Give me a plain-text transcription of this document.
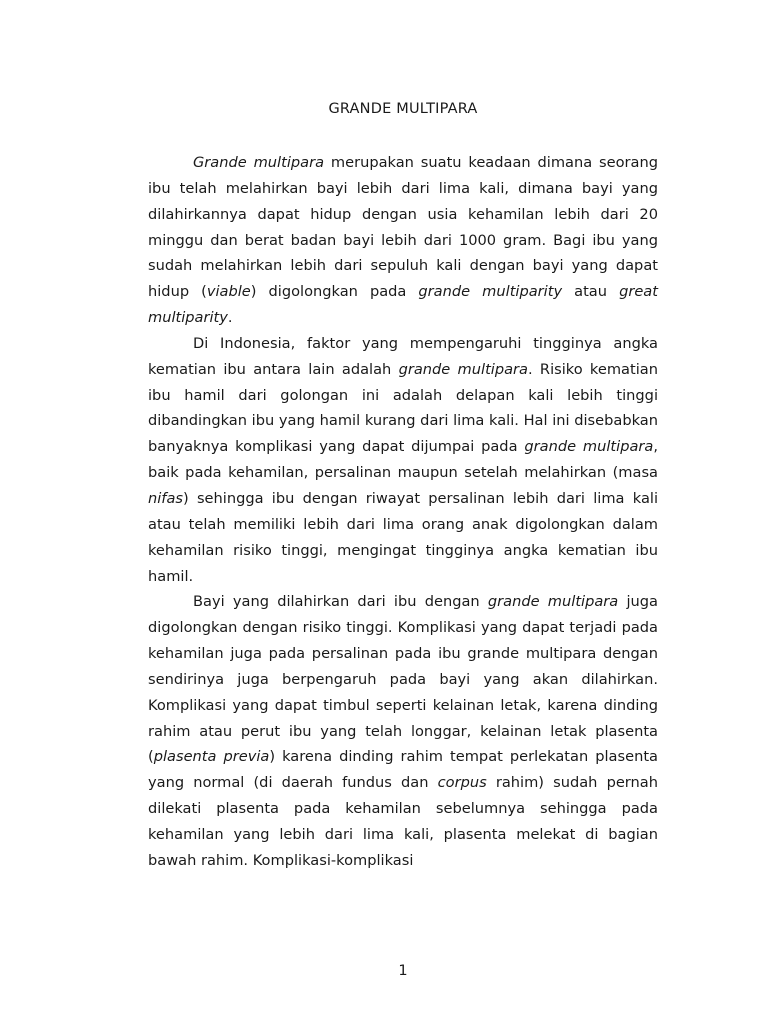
GRANDE MULTIPARA

Grande multipara merupakan suatu keadaan dimana seorang ibu telah melahirkan bayi lebih dari lima kali, dimana bayi yang dilahirkannya dapat hidup dengan usia kehamilan lebih dari 20 minggu dan berat badan bayi lebih dari 1000 gram. Bagi ibu yang sudah melahirkan lebih dari sepuluh kali dengan bayi yang dapat hidup (viable) digolongkan pada grande multiparity atau great multiparity.

Di Indonesia, faktor yang mempengaruhi tingginya angka kematian ibu antara lain adalah grande multipara. Risiko kematian ibu hamil dari golongan ini adalah delapan kali lebih tinggi dibandingkan ibu yang hamil kurang dari lima kali. Hal ini disebabkan banyaknya komplikasi yang dapat dijumpai pada grande multipara, baik pada kehamilan, persalinan maupun setelah melahirkan (masa nifas) sehingga ibu dengan riwayat persalinan lebih dari lima kali atau telah memiliki lebih dari lima orang anak digolongkan dalam kehamilan risiko tinggi, mengingat tingginya angka kematian ibu hamil.

Bayi yang dilahirkan dari ibu dengan grande multipara juga digolongkan dengan risiko tinggi. Komplikasi yang dapat terjadi pada kehamilan juga pada persalinan pada ibu grande multipara dengan sendirinya juga berpengaruh pada bayi yang akan dilahirkan. Komplikasi yang dapat timbul seperti kelainan letak, karena dinding rahim atau perut ibu yang telah longgar, kelainan letak plasenta (plasenta previa) karena dinding rahim tempat perlekatan plasenta yang normal (di daerah fundus dan corpus rahim) sudah pernah dilekati plasenta pada kehamilan sebelumnya sehingga pada kehamilan yang lebih dari lima kali, plasenta melekat di bagian bawah rahim. Komplikasi-komplikasi

1
